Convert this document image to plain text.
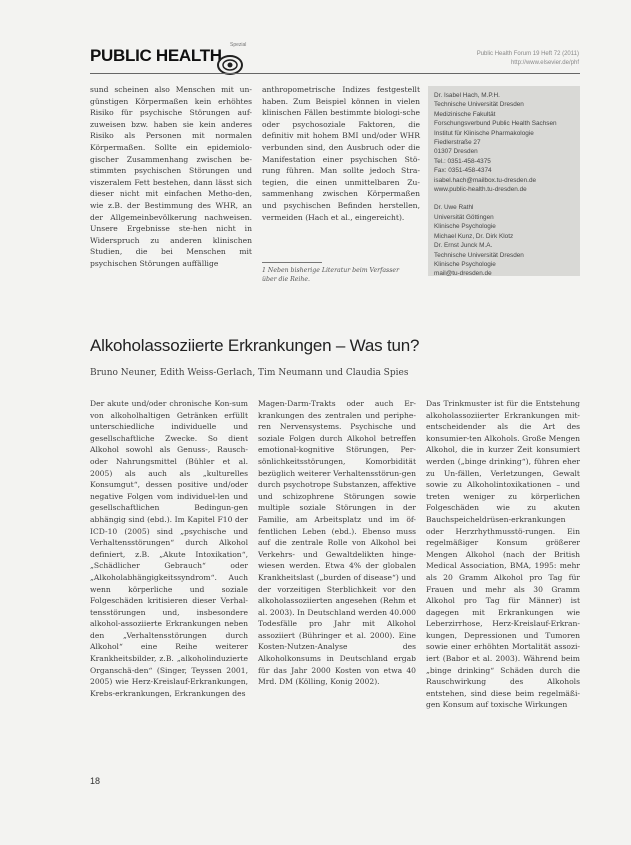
Spezial
PUBLIC HEALTH	Public Health Forum 19 Heft 72 (2011)
http://www.elsevier.de/phf

sund scheinen also Menschen mit un-günstigen Körpermaßen kein erhöhtes Risiko für psychische Störungen auf-zuweisen bzw. haben sie kein anderes Risiko als Personen mit normalen Körpermaßen. Sollte ein epidemiolo-gischer Zusammenhang zwischen be-stimmten psychischen Störungen und viszeralem Fett bestehen, dann lässt sich dieser nicht mit einfachen Metho-den, wie z.B. der Bestimmung des WHR, an der Allgemeinbevölkerung nachweisen. Unsere Ergebnisse ste-hen nicht in Widerspruch zu anderen klinischen Studien, die bei Menschen mit psychischen Störungen auffällige

anthropometrische Indizes festgestellt haben. Zum Beispiel können in vielen klinischen Fällen bestimmte biologi-sche oder psychosoziale Faktoren, die definitiv mit hohem BMI und/oder WHR verbunden sind, den Ausbruch oder die Manifestation einer psychischen Stö-rung führen. Man sollte jedoch Stra-tegien, die einen unmittelbaren Zu-sammenhang zwischen Körpermaßen und psychischen Befinden herstellen, vermeiden (Hach et al., eingereicht).

1 Neben bisherige Literatur beim Verfasser über die Reihe.

Dr. Isabel Hach, M.P.H.

Technische Universität Dresden

Medizinische Fakultät

Forschungsverbund Public Health Sachsen

Institut für Klinische Pharmakologie

Fiedlerstraße 27

01307 Dresden

Tel.: 0351-458-4375

Fax: 0351-458-4374

isabel.hach@mailbox.tu-dresden.de

www.public-health.tu-dresden.de

Dr. Uwe Rathl

Universität Göttingen

Klinische Psychologie

Michael Kunz, Dr. Dirk Klotz

Dr. Ernst Junck M.A.

Technische Universität Dresden

Klinische Psychologie

mail@tu-dresden.de

Alkoholassoziierte Erkrankungen – Was tun?
Bruno Neuner, Edith Weiss-Gerlach, Tim Neumann und Claudia Spies

Der akute und/oder chronische Kon-sum von alkoholhaltigen Getränken erfüllt unterschiedliche individuelle und gesellschaftliche Zwecke. So dient Alkohol sowohl als Genuss-, Rausch- oder Nahrungsmittel (Bühler et al. 2005) als auch als „kulturelles Konsumgut“, dessen positive und/oder negative Folgen vom individuel-len und gesellschaftlichen Bedingun-gen abhängig sind (ebd.). Im Kapitel F10 der ICD-10 (2005) sind „psychische und Verhaltensstörungen“ durch Alkohol definiert, z.B. „Akute Intoxikation“, „Schädlicher Gebrauch“ oder „Alkoholabhängigkeitssyndrom“. Auch wenn körperliche und soziale Folgeschäden kritisieren dieser Verhal-tensstörungen und, insbesondere alkohol-assoziierte Erkrankungen neben den „Verhaltensstörungen durch Alkohol“ eine Reihe weiterer Krankheitsbilder, z.B. „alkoholinduzierte Organschä-den“ (Singer, Teyssen 2001, 2005) wie Herz-Kreislauf-Erkrankungen, Krebs-erkrankungen, Erkrankungen des

Magen-Darm-Trakts oder auch Er-krankungen des zentralen und periphe-ren Nervensystems. Psychische und soziale Folgen durch Alkohol betreffen emotional-kognitive Störungen, Per-sönlichkeitsstörungen, Komorbidität bezüglich weiterer Verhaltensstörun-gen durch psychotrope Substanzen, affektive und schizophrene Störungen sowie multiple soziale Störungen in der Familie, am Arbeitsplatz und im öf-fentlichen Leben (ebd.). Ebenso muss auf die zentrale Rolle von Alkohol bei Verkehrs- und Gewaltdelikten hinge-wiesen werden. Etwa 4% der globalen Krankheitslast („burden of disease“) und der vorzeitigen Sterblichkeit vor den alkoholassoziierten angesehen (Rehm et al. 2003). In Deutschland werden 40.000 Todesfälle pro Jahr mit Alkohol assoziiert (Bühringer et al. 2000). Eine Kosten-Nutzen-Analyse des Alkoholkonsums in Deutschland ergab für das Jahr 2000 Kosten von etwa 40 Mrd. DM (Kölling, Konig 2002).

Das Trinkmuster ist für die Entstehung alkoholassoziierter Erkrankungen mit-entscheidender als die Art des konsumier-ten Alkohols. Große Mengen Alkohol, die in kurzer Zeit konsumiert werden („binge drinking“), führen eher zu Un-fällen, Verletzungen, Gewalt sowie zu Alkoholintoxikationen – und treten weniger zu körperlichen Folgeschäden wie zu akuten Bauchspeicheldrüsen-erkrankungen oder Herzrhythmusstö-rungen. Ein regelmäßiger Konsum größerer Mengen Alkohol (nach der British Medical Association, BMA, 1995: mehr als 20 Gramm Alkohol pro Tag für Frauen und mehr als 30 Gramm Alkohol pro Tag für Männer) ist dagegen mit Erkrankungen wie Leberzirrhose, Herz-Kreislauf-Erkran-kungen, Depressionen und Tumoren sowie einer erhöhten Mortalität assozi-iert (Babor et al. 2003). Während beim „binge drinking“ Schäden durch die Rauschwirkung des Alkohols entstehen, sind diese beim regelmäßi-gen Konsum auf toxische Wirkungen

18
